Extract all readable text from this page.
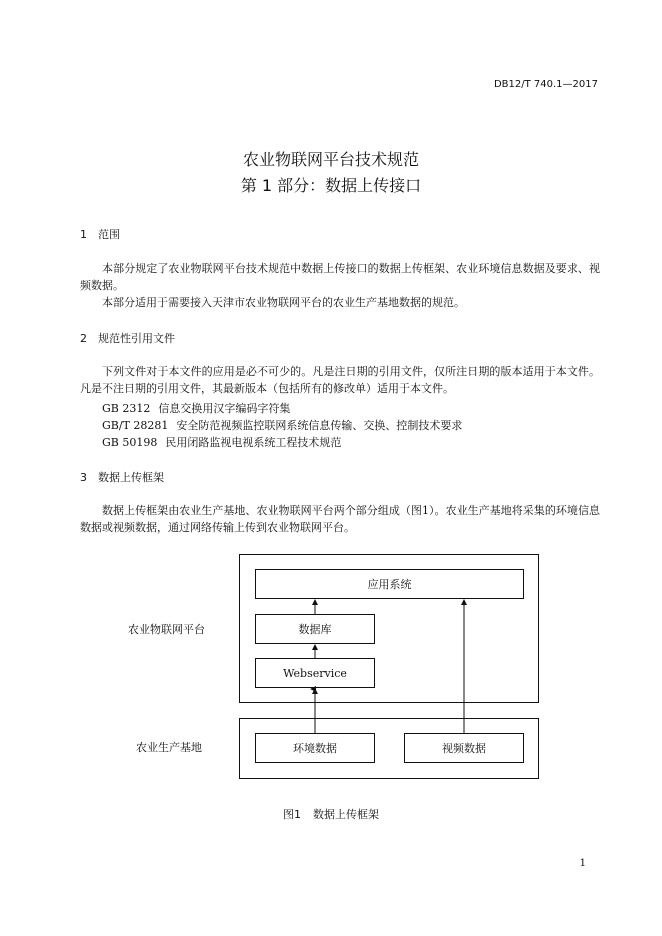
DB12/T 740.1—2017
农业物联网平台技术规范
第 1 部分：数据上传接口
1 范围
本部分规定了农业物联网平台技术规范中数据上传接口的数据上传框架、农业环境信息数据及要求、视频数据。
本部分适用于需要接入天津市农业物联网平台的农业生产基地数据的规范。
2 规范性引用文件
下列文件对于本文件的应用是必不可少的。凡是注日期的引用文件，仅所注日期的版本适用于本文件。凡是不注日期的引用文件，其最新版本（包括所有的修改单）适用于本文件。
GB 2312 信息交换用汉字编码字符集
GB/T 28281 安全防范视频监控联网系统信息传输、交换、控制技术要求
GB 50198 民用闭路监视电视系统工程技术规范
3 数据上传框架
数据上传框架由农业生产基地、农业物联网平台两个部分组成（图1）。农业生产基地将采集的环境信息数据或视频数据，通过网络传输上传到农业物联网平台。
农业物联网平台
农业生产基地
应用系统
数据库
Webservice
环境数据	视频数据
图1 数据上传框架
1
